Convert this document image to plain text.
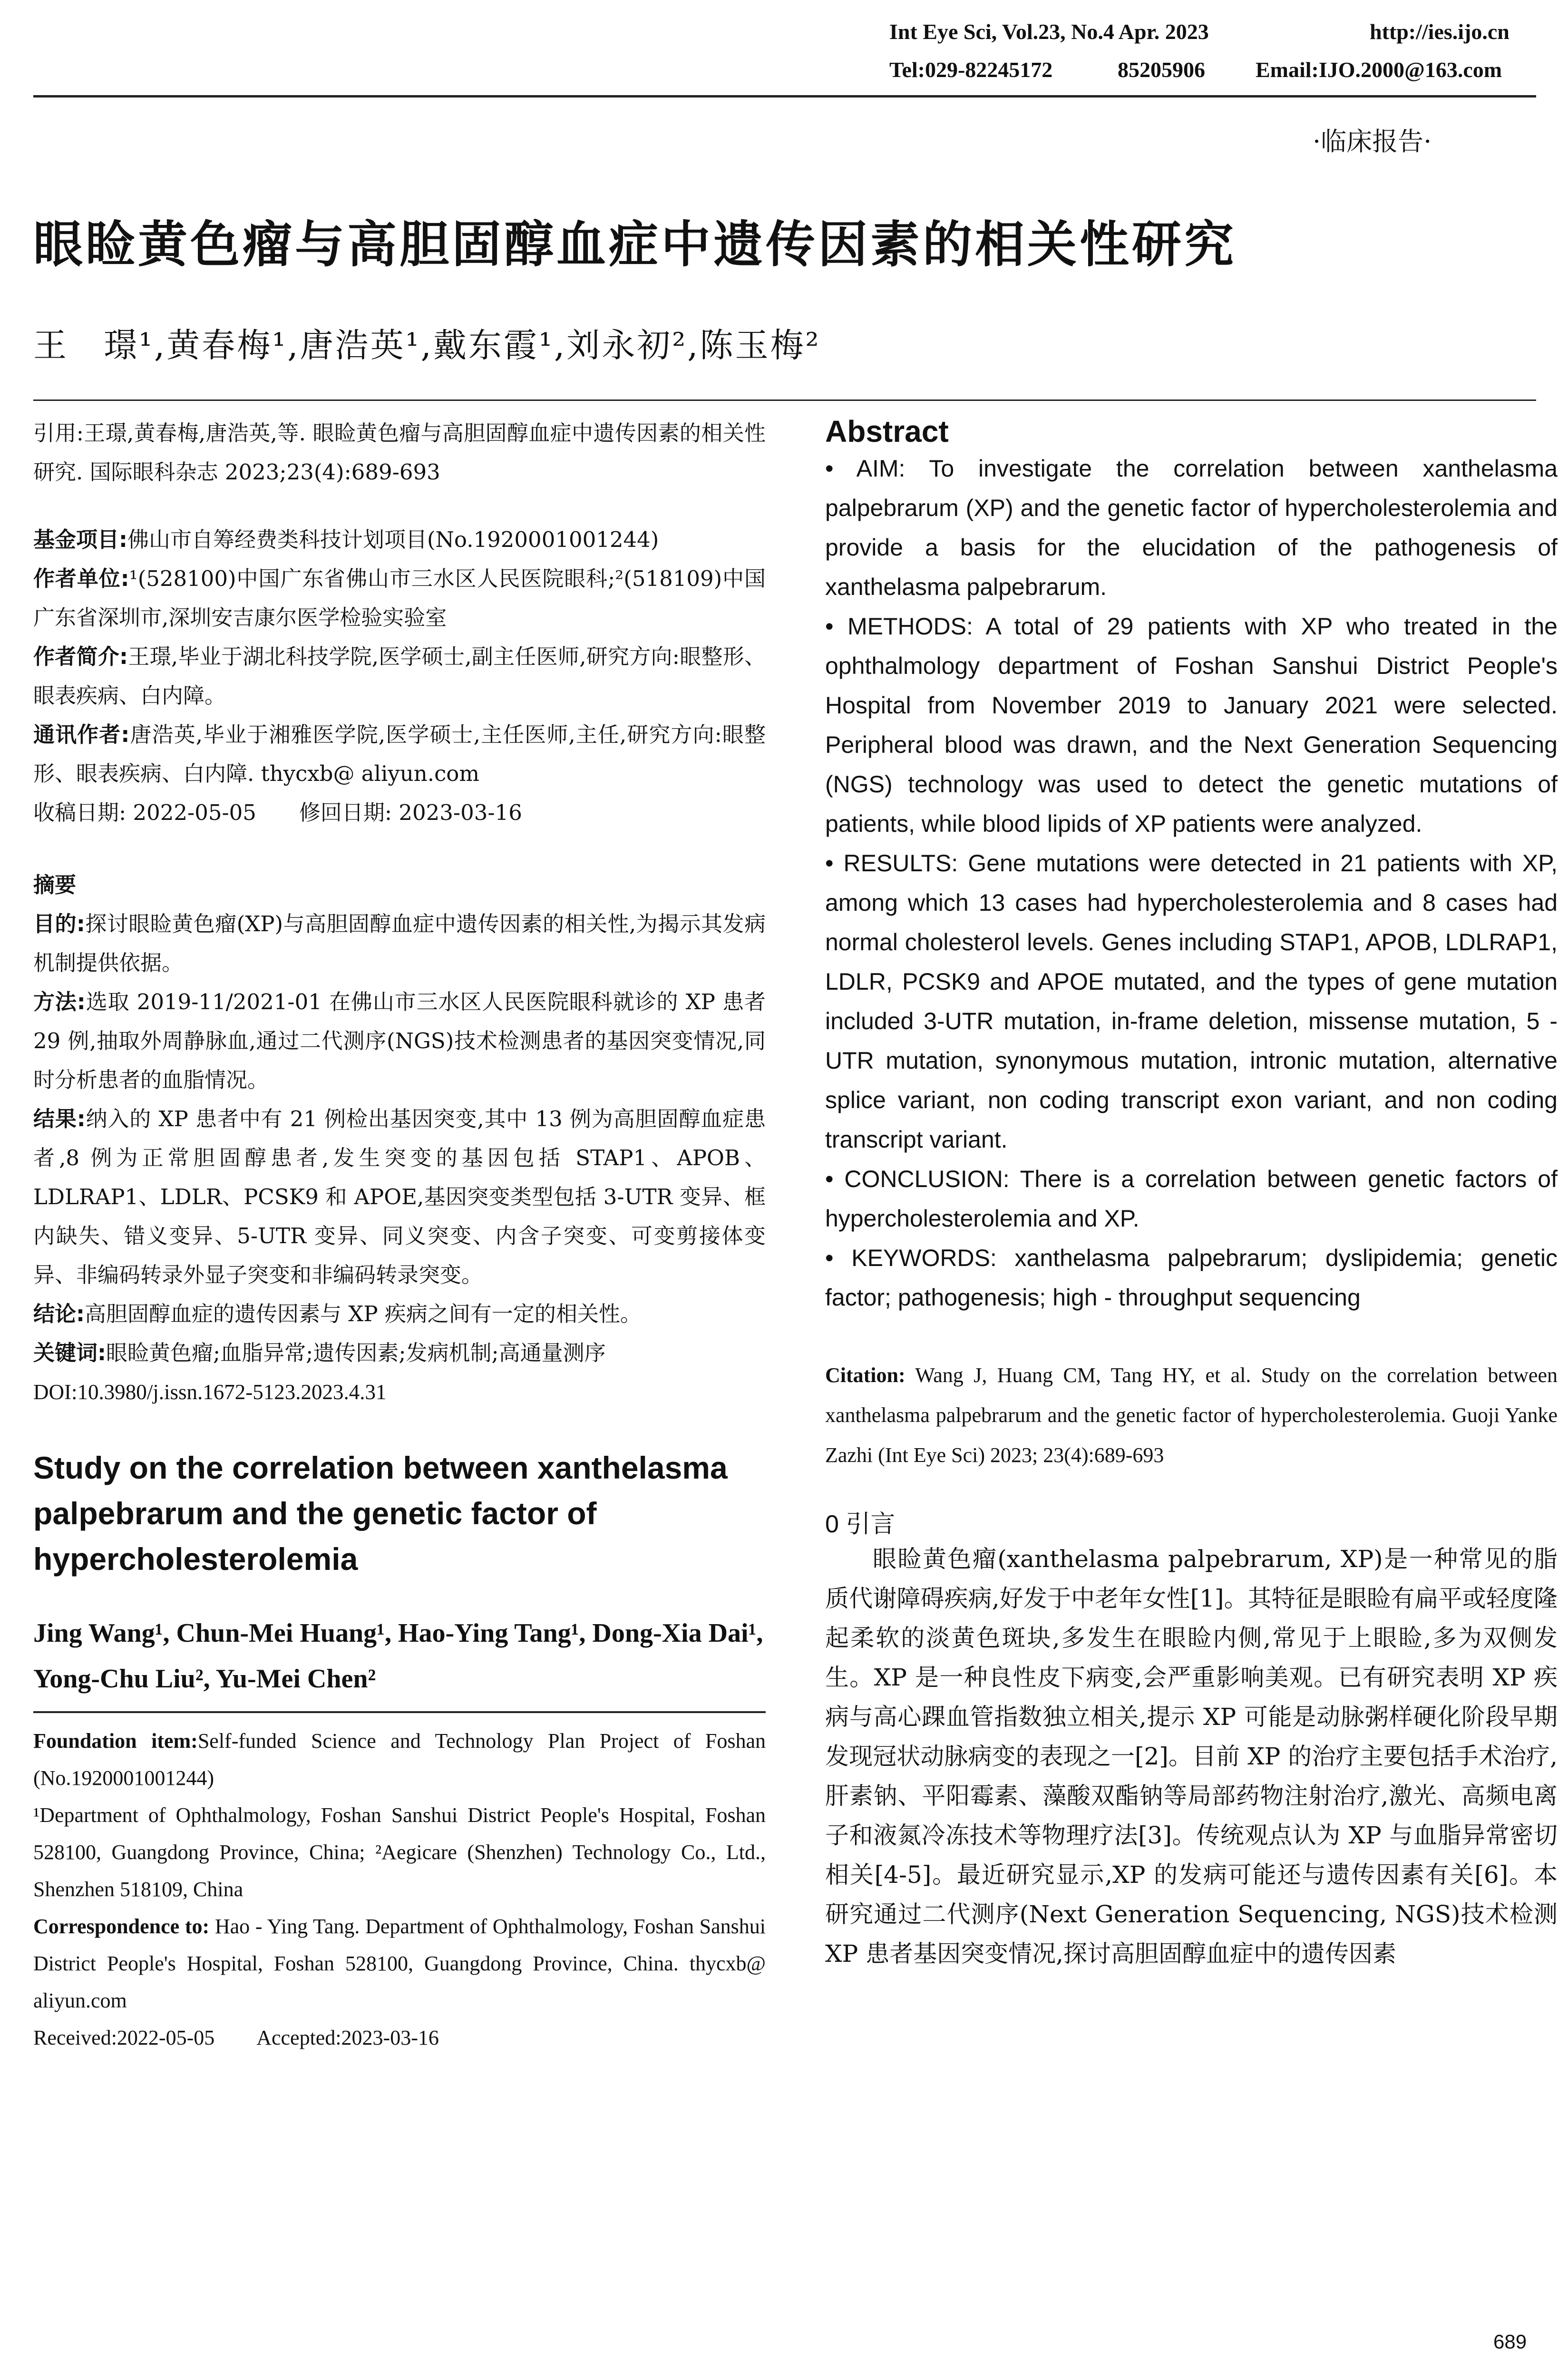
Int Eye Sci, Vol.23, No.4 Apr. 2023	http://ies.ijo.cn
Tel:029-82245172	85205906 Email:IJO.2000@163.com
·临床报告·
眼睑黄色瘤与高胆固醇血症中遗传因素的相关性研究
王　璟¹,黄春梅¹,唐浩英¹,戴东霞¹,刘永初²,陈玉梅²
引用:王璟,黄春梅,唐浩英,等. 眼睑黄色瘤与高胆固醇血症中遗传因素的相关性研究. 国际眼科杂志 2023;23(4):689-693
基金项目:佛山市自筹经费类科技计划项目(No.1920001001244)
作者单位:¹(528100)中国广东省佛山市三水区人民医院眼科;²(518109)中国广东省深圳市,深圳安吉康尔医学检验实验室
作者简介:王璟,毕业于湖北科技学院,医学硕士,副主任医师,研究方向:眼整形、眼表疾病、白内障。
通讯作者:唐浩英,毕业于湘雅医学院,医学硕士,主任医师,主任,研究方向:眼整形、眼表疾病、白内障. thycxb@ aliyun.com
收稿日期: 2022-05-05　　修回日期: 2023-03-16
摘要
目的:探讨眼睑黄色瘤(XP)与高胆固醇血症中遗传因素的相关性,为揭示其发病机制提供依据。
方法:选取 2019-11/2021-01 在佛山市三水区人民医院眼科就诊的 XP 患者 29 例,抽取外周静脉血,通过二代测序(NGS)技术检测患者的基因突变情况,同时分析患者的血脂情况。
结果:纳入的 XP 患者中有 21 例检出基因突变,其中 13 例为高胆固醇血症患者,8 例为正常胆固醇患者,发生突变的基因包括 STAP1、APOB、LDLRAP1、LDLR、PCSK9 和 APOE,基因突变类型包括 3-UTR 变异、框内缺失、错义变异、5-UTR 变异、同义突变、内含子突变、可变剪接体变异、非编码转录外显子突变和非编码转录突变。
结论:高胆固醇血症的遗传因素与 XP 疾病之间有一定的相关性。
关键词:眼睑黄色瘤;血脂异常;遗传因素;发病机制;高通量测序
DOI:10.3980/j.issn.1672-5123.2023.4.31
Study on the correlation between xanthelasma palpebrarum and the genetic factor of hypercholesterolemia
Jing Wang¹, Chun-Mei Huang¹, Hao-Ying Tang¹, Dong-Xia Dai¹, Yong-Chu Liu², Yu-Mei Chen²
Foundation item:Self-funded Science and Technology Plan Project of Foshan (No.1920001001244)
¹Department of Ophthalmology, Foshan Sanshui District People's Hospital, Foshan 528100, Guangdong Province, China; ²Aegicare (Shenzhen) Technology Co., Ltd., Shenzhen 518109, China
Correspondence to: Hao - Ying Tang. Department of Ophthalmology, Foshan Sanshui District People's Hospital, Foshan 528100, Guangdong Province, China. thycxb@ aliyun.com
Received:2022-05-05　　Accepted:2023-03-16
Abstract

• AIM: To investigate the correlation between xanthelasma palpebrarum (XP) and the genetic factor of hypercholesterolemia and provide a basis for the elucidation of the pathogenesis of xanthelasma palpebrarum.

• METHODS: A total of 29 patients with XP who treated in the ophthalmology department of Foshan Sanshui District People's Hospital from November 2019 to January 2021 were selected. Peripheral blood was drawn, and the Next Generation Sequencing (NGS) technology was used to detect the genetic mutations of patients, while blood lipids of XP patients were analyzed.

• RESULTS: Gene mutations were detected in 21 patients with XP, among which 13 cases had hypercholesterolemia and 8 cases had normal cholesterol levels. Genes including STAP1, APOB, LDLRAP1, LDLR, PCSK9 and APOE mutated, and the types of gene mutation included 3-UTR mutation, in-frame deletion, missense mutation, 5 - UTR mutation, synonymous mutation, intronic mutation, alternative splice variant, non coding transcript exon variant, and non coding transcript variant.

• CONCLUSION: There is a correlation between genetic factors of hypercholesterolemia and XP.

• KEYWORDS: xanthelasma palpebrarum; dyslipidemia; genetic factor; pathogenesis; high - throughput sequencing

Citation: Wang J, Huang CM, Tang HY, et al. Study on the correlation between xanthelasma palpebrarum and the genetic factor of hypercholesterolemia. Guoji Yanke Zazhi (Int Eye Sci) 2023; 23(4):689-693
0 引言

眼睑黄色瘤(xanthelasma palpebrarum, XP)是一种常见的脂质代谢障碍疾病,好发于中老年女性[1]。其特征是眼睑有扁平或轻度隆起柔软的淡黄色斑块,多发生在眼睑内侧,常见于上眼睑,多为双侧发生。XP 是一种良性皮下病变,会严重影响美观。已有研究表明 XP 疾病与高心踝血管指数独立相关,提示 XP 可能是动脉粥样硬化阶段早期发现冠状动脉病变的表现之一[2]。目前 XP 的治疗主要包括手术治疗,肝素钠、平阳霉素、藻酸双酯钠等局部药物注射治疗,激光、高频电离子和液氮冷冻技术等物理疗法[3]。传统观点认为 XP 与血脂异常密切相关[4-5]。最近研究显示,XP 的发病可能还与遗传因素有关[6]。本研究通过二代测序(Next Generation Sequencing, NGS)技术检测 XP 患者基因突变情况,探讨高胆固醇血症中的遗传因素

689
